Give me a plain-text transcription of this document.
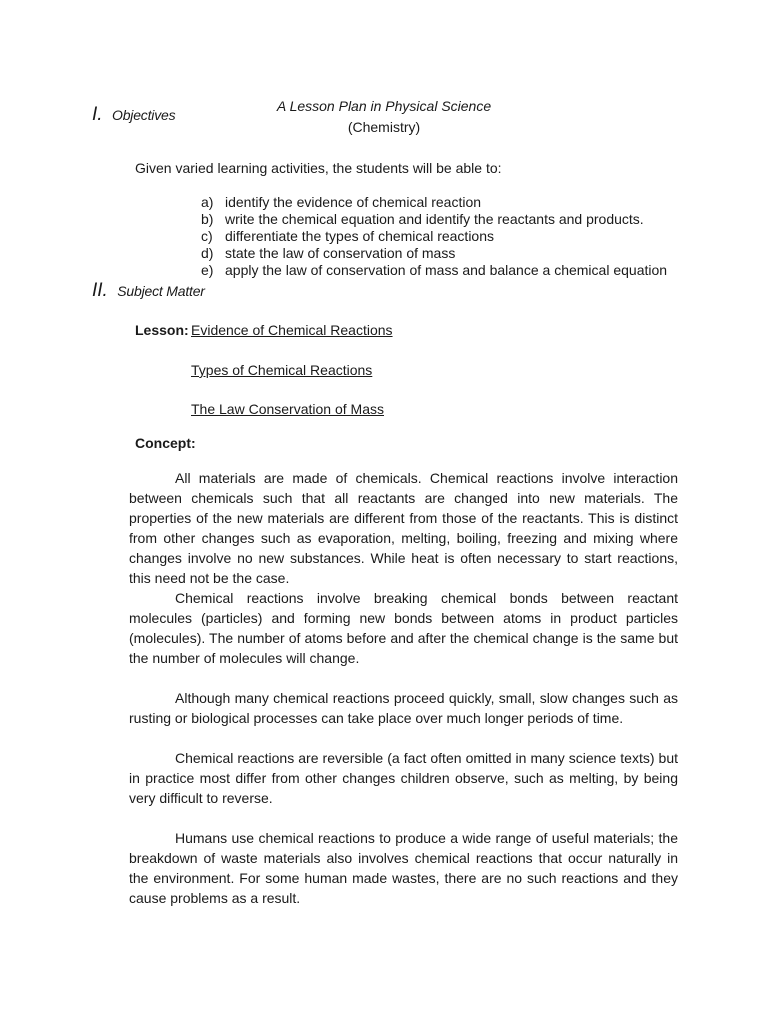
A Lesson Plan in Physical Science
(Chemistry)
I. Objectives
Given varied learning activities, the students will be able to:
a) identify the evidence of chemical reaction
b) write the chemical equation and identify the reactants and products.
c) differentiate the types of chemical reactions
d) state the law of conservation of mass
e) apply the law of conservation of mass and balance a chemical equation
II. Subject Matter
Lesson: Evidence of Chemical Reactions
Types of Chemical Reactions
The Law Conservation of Mass
Concept:

All materials are made of chemicals. Chemical reactions involve interaction between chemicals such that all reactants are changed into new materials. The properties of the new materials are different from those of the reactants. This is distinct from other changes such as evaporation, melting, boiling, freezing and mixing where changes involve no new substances. While heat is often necessary to start reactions, this need not be the case.

Chemical reactions involve breaking chemical bonds between reactant molecules (particles) and forming new bonds between atoms in product particles (molecules). The number of atoms before and after the chemical change is the same but the number of molecules will change.

Although many chemical reactions proceed quickly, small, slow changes such as rusting or biological processes can take place over much longer periods of time.

Chemical reactions are reversible (a fact often omitted in many science texts) but in practice most differ from other changes children observe, such as melting, by being very difficult to reverse.

Humans use chemical reactions to produce a wide range of useful materials; the breakdown of waste materials also involves chemical reactions that occur naturally in the environment. For some human made wastes, there are no such reactions and they cause problems as a result.
